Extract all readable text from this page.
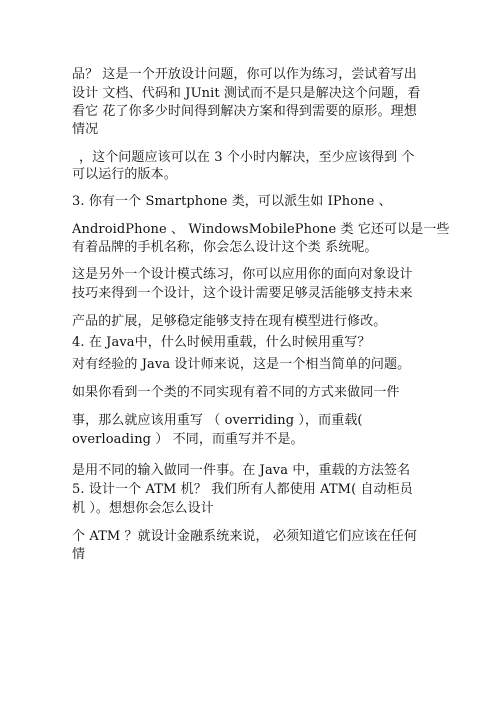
品？ 这是一个开放设计问题，你可以作为练习，尝试着写出
设计 文档、代码和 JUnit 测试而不是只是解决这个问题，看
看它 花了你多少时间得到解决方案和得到需要的原形。理想
情况
，这个问题应该可以在 3 个小时内解决，至少应该得到 个
可以运行的版本。
3. 你有一个 Smartphone 类，可以派生如 IPhone 、
AndroidPhone 、 WindowsMobilePhone 类 它还可以是一些
有着品牌的手机名称，你会怎么设计这个类 系统呢。
这是另外一个设计模式练习，你可以应用你的面向对象设计
技巧来得到一个设计，这个设计需要足够灵活能够支持未来
产品的扩展，足够稳定能够支持在现有模型进行修改。
4. 在 Java中，什么时候用重载，什么时候用重写？
对有经验的 Java 设计师来说，这是一个相当简单的问题。
如果你看到一个类的不同实现有着不同的方式来做同一件
事，那么就应该用重写 （ overriding ），而重载(
overloading ） 不同，而重写并不是。
是用不同的输入做同一件事。在 Java 中，重载的方法签名
5. 设计一个 ATM 机？ 我们所有人都使用 ATM( 自动柜员
机 ）。想想你会怎么设计
个 ATM ？就设计金融系统来说， 必须知道它们应该在任何
情
